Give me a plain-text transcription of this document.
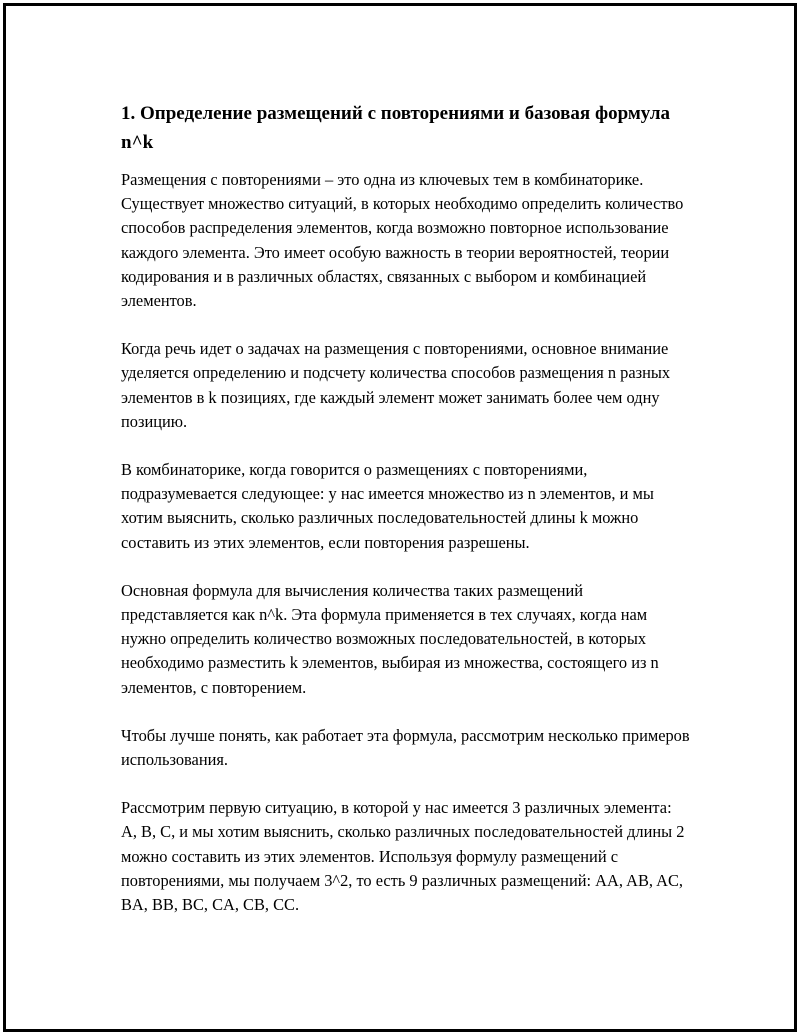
1. Определение размещений с повторениями и базовая формула n^k

Размещения с повторениями – это одна из ключевых тем в комбинаторике. Существует множество ситуаций, в которых необходимо определить количество способов распределения элементов, когда возможно повторное использование каждого элемента. Это имеет особую важность в теории вероятностей, теории кодирования и в различных областях, связанных с выбором и комбинацией элементов.

Когда речь идет о задачах на размещения с повторениями, основное внимание уделяется определению и подсчету количества способов размещения n разных элементов в k позициях, где каждый элемент может занимать более чем одну позицию.

В комбинаторике, когда говорится о размещениях с повторениями, подразумевается следующее: у нас имеется множество из n элементов, и мы хотим выяснить, сколько различных последовательностей длины k можно составить из этих элементов, если повторения разрешены.

Основная формула для вычисления количества таких размещений представляется как n^k. Эта формула применяется в тех случаях, когда нам нужно определить количество возможных последовательностей, в которых необходимо разместить k элементов, выбирая из множества, состоящего из n элементов, с повторением.

Чтобы лучше понять, как работает эта формула, рассмотрим несколько примеров использования.

Рассмотрим первую ситуацию, в которой у нас имеется 3 различных элемента: A, B, C, и мы хотим выяснить, сколько различных последовательностей длины 2 можно составить из этих элементов. Используя формулу размещений с повторениями, мы получаем 3^2, то есть 9 различных размещений: AA, AB, AC, BA, BB, BC, CA, CB, CC.
